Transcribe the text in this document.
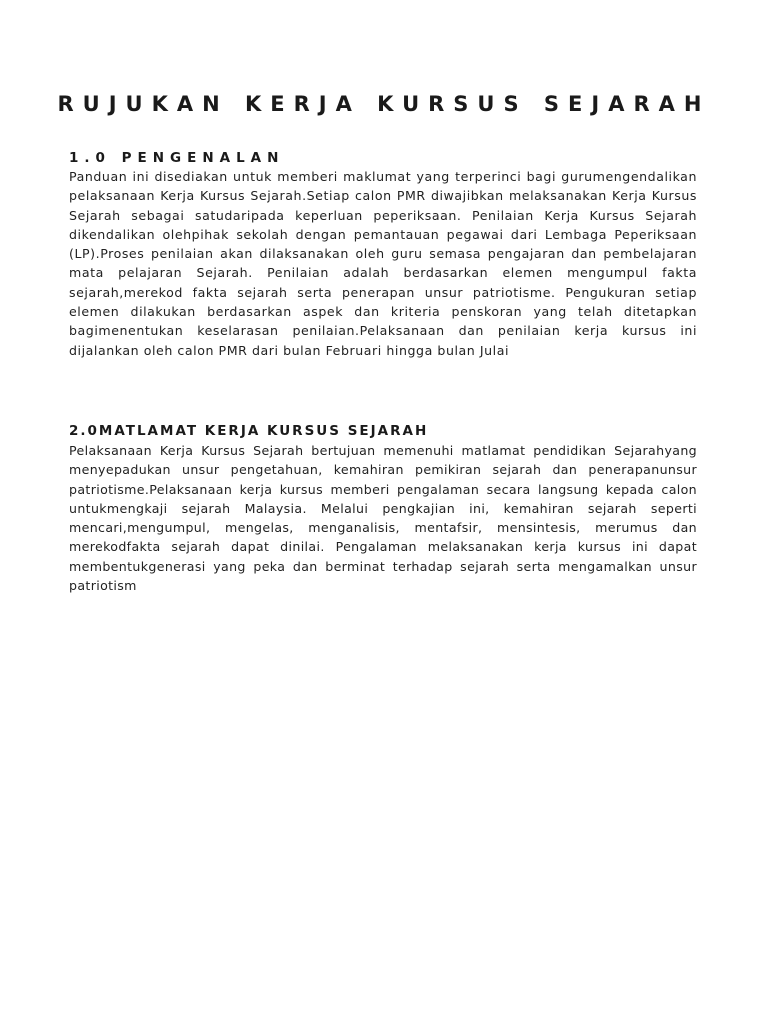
RUJUKAN KERJA KURSUS SEJARAH
1.0 PENGENALAN

Panduan ini disediakan untuk memberi maklumat yang terperinci bagi gurumengendalikan pelaksanaan Kerja Kursus Sejarah.Setiap calon PMR diwajibkan melaksanakan Kerja Kursus Sejarah sebagai satudaripada keperluan peperiksaan. Penilaian Kerja Kursus Sejarah dikendalikan olehpihak sekolah dengan pemantauan pegawai dari Lembaga Peperiksaan (LP).Proses penilaian akan dilaksanakan oleh guru semasa pengajaran dan pembelajaran mata pelajaran Sejarah. Penilaian adalah berdasarkan elemen mengumpul fakta sejarah,merekod fakta sejarah serta penerapan unsur patriotisme. Pengukuran setiap elemen dilakukan berdasarkan aspek dan kriteria penskoran yang telah ditetapkan bagimenentukan keselarasan penilaian.Pelaksanaan dan penilaian kerja kursus ini dijalankan oleh calon PMR dari bulan Februari hingga bulan Julai

2.0MATLAMAT KERJA KURSUS SEJARAH

Pelaksanaan Kerja Kursus Sejarah bertujuan memenuhi matlamat pendidikan Sejarahyang menyepadukan unsur pengetahuan, kemahiran pemikiran sejarah dan penerapanunsur patriotisme.Pelaksanaan kerja kursus memberi pengalaman secara langsung kepada calon untukmengkaji sejarah Malaysia. Melalui pengkajian ini, kemahiran sejarah seperti mencari,mengumpul, mengelas, menganalisis, mentafsir, mensintesis, merumus dan merekodfakta sejarah dapat dinilai. Pengalaman melaksanakan kerja kursus ini dapat membentukgenerasi yang peka dan berminat terhadap sejarah serta mengamalkan unsur patriotism
